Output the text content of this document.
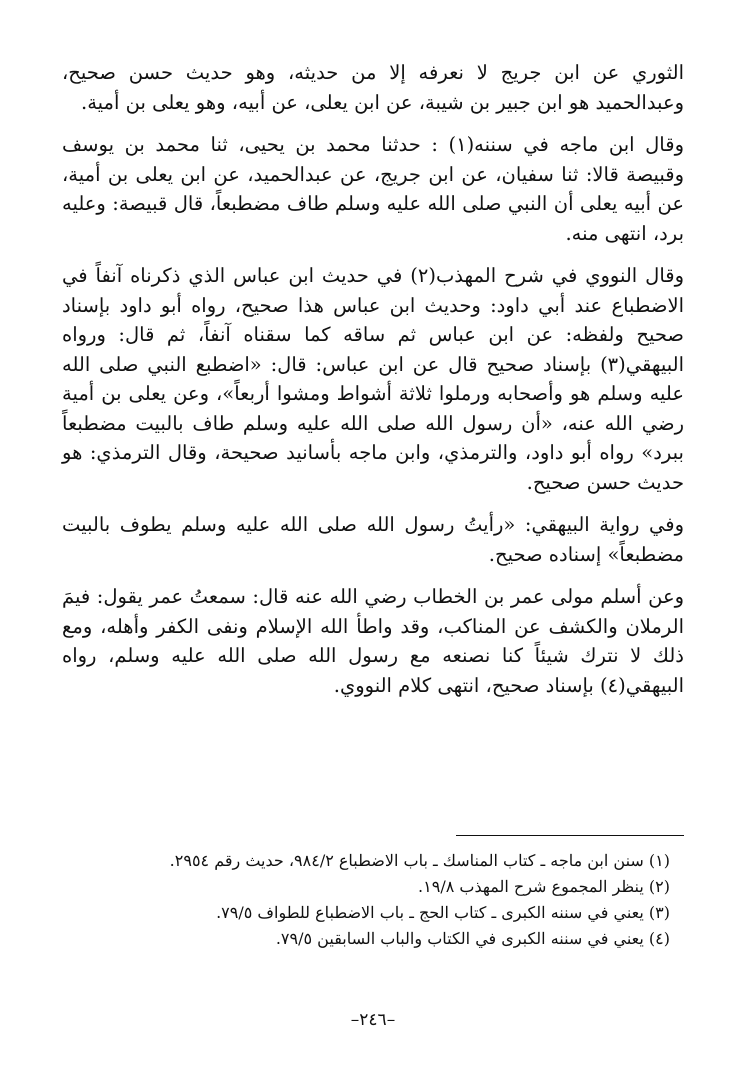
الثوري عن ابن جريج لا نعرفه إلا من حديثه، وهو حديث حسن صحيح، وعبدالحميد هو ابن جبير بن شيبة، عن ابن يعلى، عن أبيه، وهو يعلى بن أمية.

وقال ابن ماجه في سننه(١) : حدثنا محمد بن يحيى، ثنا محمد بن يوسف وقبيصة قالا: ثنا سفيان، عن ابن جريج، عن عبدالحميد، عن ابن يعلى بن أمية، عن أبيه يعلى أن النبي صلى الله عليه وسلم طاف مضطبعاً، قال قبيصة: وعليه برد، انتهى منه.

وقال النووي في شرح المهذب(٢) في حديث ابن عباس الذي ذكرناه آنفاً في الاضطباع عند أبي داود: وحديث ابن عباس هذا صحيح، رواه أبو داود بإسناد صحيح ولفظه: عن ابن عباس ثم ساقه كما سقناه آنفاً، ثم قال: ورواه البيهقي(٣) بإسناد صحيح قال عن ابن عباس: قال: «اضطبع النبي صلى الله عليه وسلم هو وأصحابه ورملوا ثلاثة أشواط ومشوا أربعاً»، وعن يعلى بن أمية رضي الله عنه، «أن رسول الله صلى الله عليه وسلم طاف بالبيت مضطبعاً ببرد» رواه أبو داود، والترمذي، وابن ماجه بأسانيد صحيحة، وقال الترمذي: هو حديث حسن صحيح.

وفي رواية البيهقي: «رأيتُ رسول الله صلى الله عليه وسلم يطوف بالبيت مضطبعاً» إسناده صحيح.

وعن أسلم مولى عمر بن الخطاب رضي الله عنه قال: سمعتُ عمر يقول: فيمَ الرملان والكشف عن المناكب، وقد واطأ الله الإسلام ونفى الكفر وأهله، ومع ذلك لا نترك شيئاً كنا نصنعه مع رسول الله صلى الله عليه وسلم، رواه البيهقي(٤) بإسناد صحيح، انتهى كلام النووي.

(١) سنن ابن ماجه ـ كتاب المناسك ـ باب الاضطباع ٩٨٤/٢، حديث رقم ٢٩٥٤.

(٢) ينظر المجموع شرح المهذب ١٩/٨.

(٣) يعني في سننه الكبرى ـ كتاب الحج ـ باب الاضطباع للطواف ٧٩/٥.

(٤) يعني في سننه الكبرى في الكتاب والباب السابقين ٧٩/٥.

–٢٤٦–
